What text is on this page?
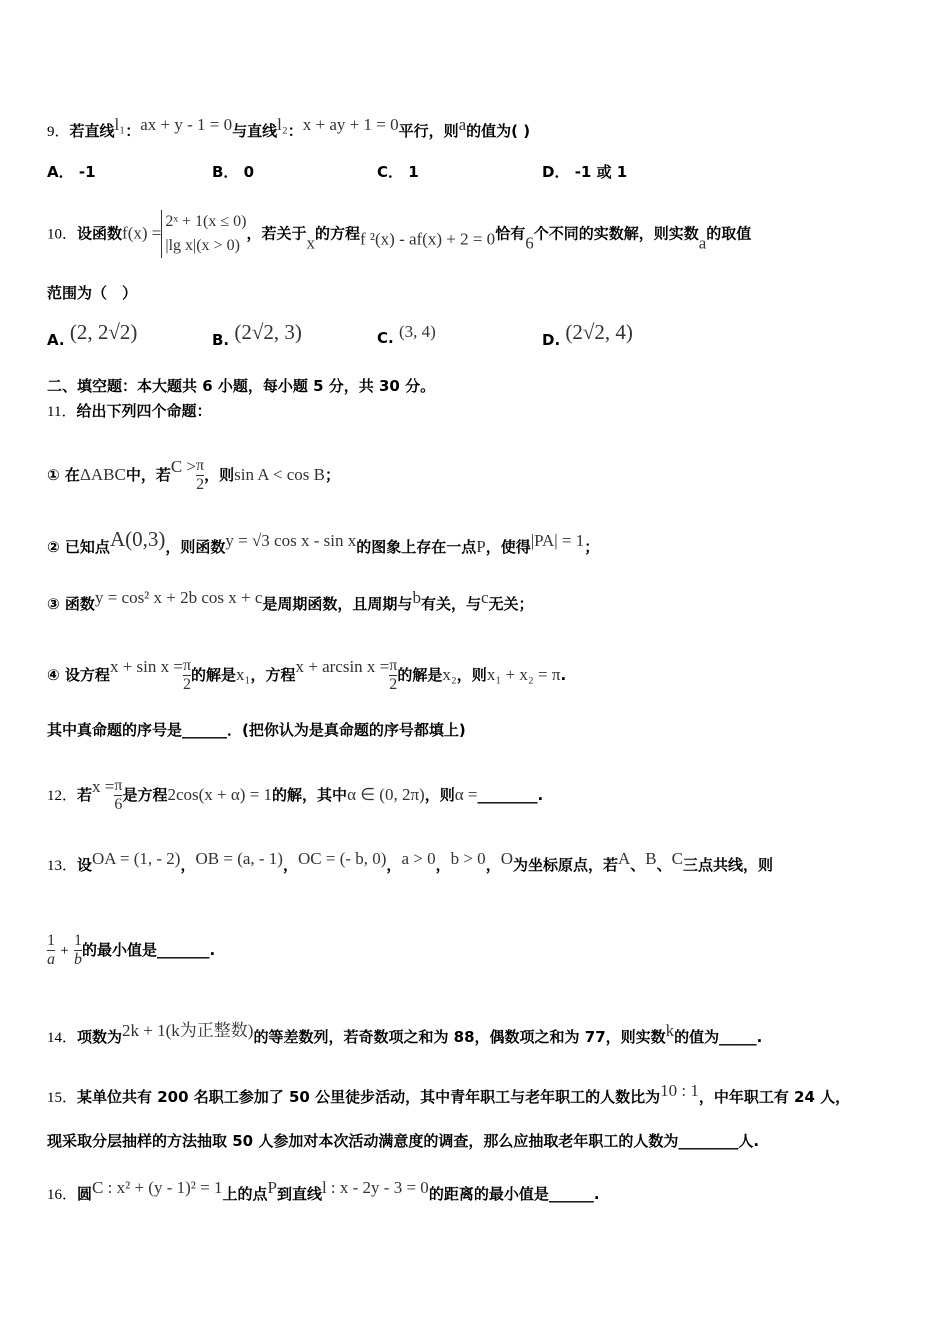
9．若直线l₁：ax + y - 1 = 0与直线l₂：x + ay + 1 = 0平行，则a的值为( )
A． -1	B． 0	C． 1	D． -1 或 1
10．设函数f(x) =
2ˣ + 1(x ≤ 0)
|lg x|(x > 0)
，若关于x的方程f ²(x) - af(x) + 2 = 0恰有6个不同的实数解，则实数a的取值
范围为（　）
A. (2, 2√2)	B. (2√2, 3)	C. (3, 4)	D. (2√2, 4)
二、填空题：本大题共 6 小题，每小题 5 分，共 30 分。
11．给出下列四个命题：
① 在ΔABC中，若$C > \frac{\pi}{2}$ ，则sin A < cos B；
② 已知点A(0,3)，则函数y = √3 cos x - sin x的图象上存在一点P，使得|PA| = 1；
③ 函数y = cos² x + 2b cos x + c是周期函数，且周期与b有关，与c无关；
④ 设方程$x + \sin x = \frac{\pi}{2}$ 的解是x₁，方程$x + \arcsin x = \frac{\pi}{2}$ 的解是x₂，则x₁ + x₂ = π.
其中真命题的序号是______．(把你认为是真命题的序号都填上)
12．若$x = \frac{\pi}{6}$ 是方程2cos(x + α) = 1的解，其中α ∈ (0, 2π)，则α =________.
13．设OA = (1, - 2)，OB = (a, - 1)，OC = (- b, 0)，a > 0，b > 0，O为坐标原点，若A、B、C三点共线，则
$\frac{1}{a} + \frac{1}{b}$ 的最小值是_______.
14．项数为2k + 1(k为正整数)的等差数列，若奇数项之和为 88，偶数项之和为 77，则实数k的值为_____.
15．某单位共有 200 名职工参加了 50 公里徒步活动，其中青年职工与老年职工的人数比为10 : 1，中年职工有 24 人，
现采取分层抽样的方法抽取 50 人参加对本次活动满意度的调查，那么应抽取老年职工的人数为________人.
16．圆C : x² + (y - 1)² = 1上的点P到直线l : x - 2y - 3 = 0的距离的最小值是______.
